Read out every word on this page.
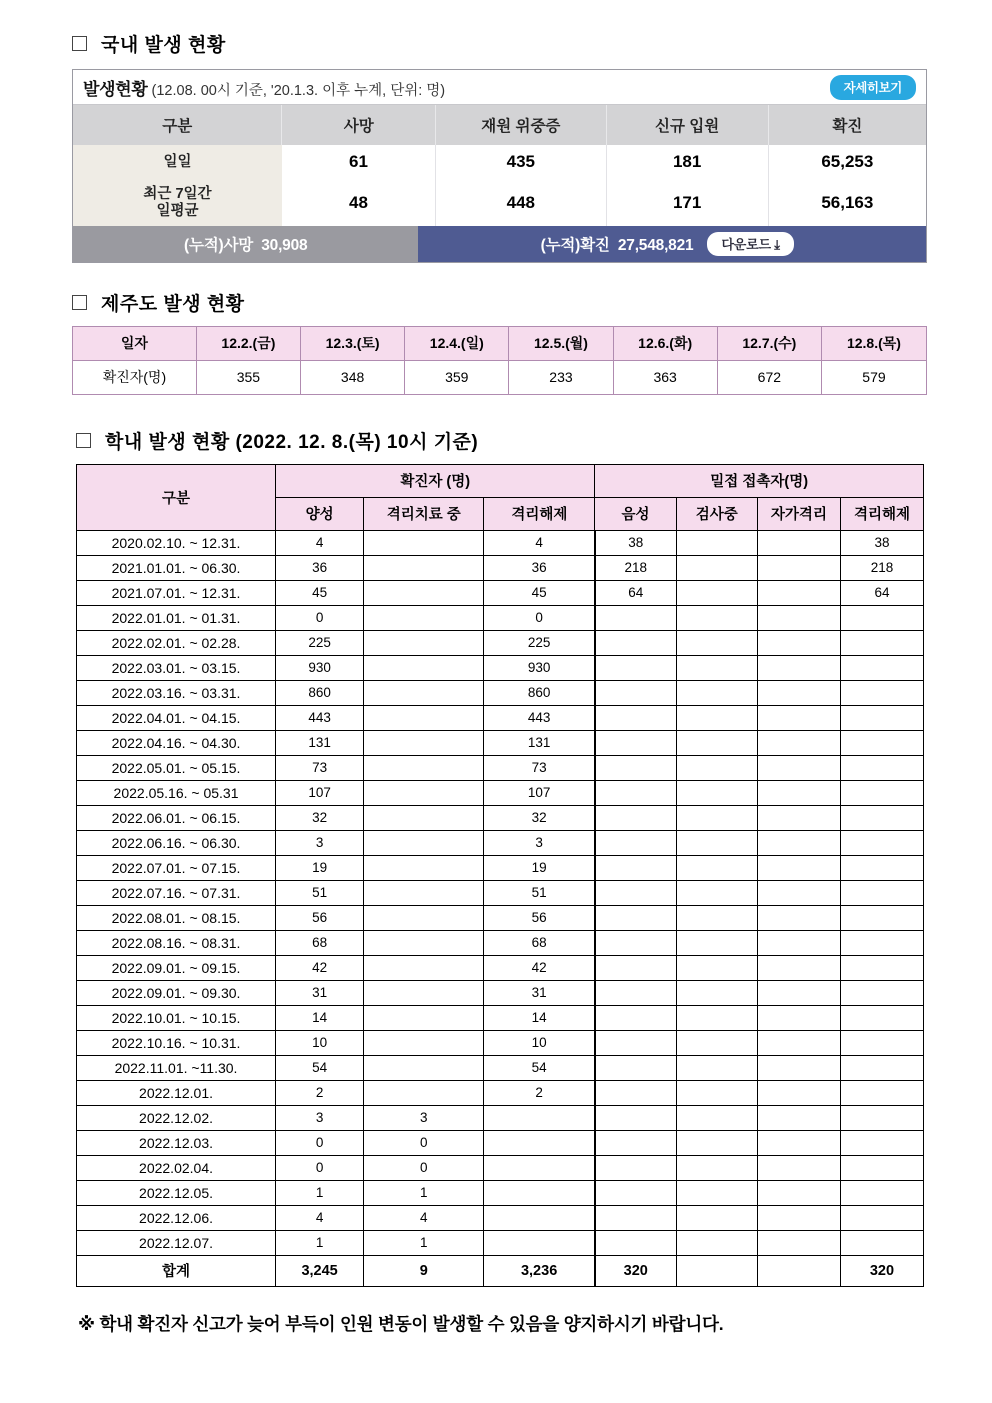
국내 발생 현황
발생현황 (12.08. 00시 기준, '20.1.3. 이후 누계, 단위: 명)	자세히보기
구분	사망	재원 위중증	신규 입원	확진
일일	61	435	181	65,253
최근 7일간
일평균	48	448	171	56,163
(누적)사망 30,908	(누적)확진 27,548,821	다운로드 ⤓
제주도 발생 현황
일자	12.2.(금)	12.3.(토)	12.4.(일)	12.5.(월)	12.6.(화)	12.7.(수)	12.8.(목)
확진자(명)	355	348	359	233	363	672	579
학내 발생 현황 (2022. 12. 8.(목) 10시 기준)
구분	확진자 (명)			밀접 접촉자(명)			
	양성	격리치료 중	격리해제	음성	검사중	자가격리	격리해제
2020.02.10. ~ 12.31.	4		4	38			38
2021.01.01. ~ 06.30.	36		36	218			218
2021.07.01. ~ 12.31.	45		45	64			64
2022.01.01. ~ 01.31.	0		0				
2022.02.01. ~ 02.28.	225		225				
2022.03.01. ~ 03.15.	930		930				
2022.03.16. ~ 03.31.	860		860				
2022.04.01. ~ 04.15.	443		443				
2022.04.16. ~ 04.30.	131		131				
2022.05.01. ~ 05.15.	73		73				
2022.05.16. ~ 05.31	107		107				
2022.06.01. ~ 06.15.	32		32				
2022.06.16. ~ 06.30.	3		3				
2022.07.01. ~ 07.15.	19		19				
2022.07.16. ~ 07.31.	51		51				
2022.08.01. ~ 08.15.	56		56				
2022.08.16. ~ 08.31.	68		68				
2022.09.01. ~ 09.15.	42		42				
2022.09.01. ~ 09.30.	31		31				
2022.10.01. ~ 10.15.	14		14				
2022.10.16. ~ 10.31.	10		10				
2022.11.01. ~11.30.	54		54				
2022.12.01.	2		2				
2022.12.02.	3	3					
2022.12.03.	0	0					
2022.02.04.	0	0					
2022.12.05.	1	1					
2022.12.06.	4	4					
2022.12.07.	1	1					
합계	3,245	9	3,236	320			320
※ 학내 확진자 신고가 늦어 부득이 인원 변동이 발생할 수 있음을 양지하시기 바랍니다.
